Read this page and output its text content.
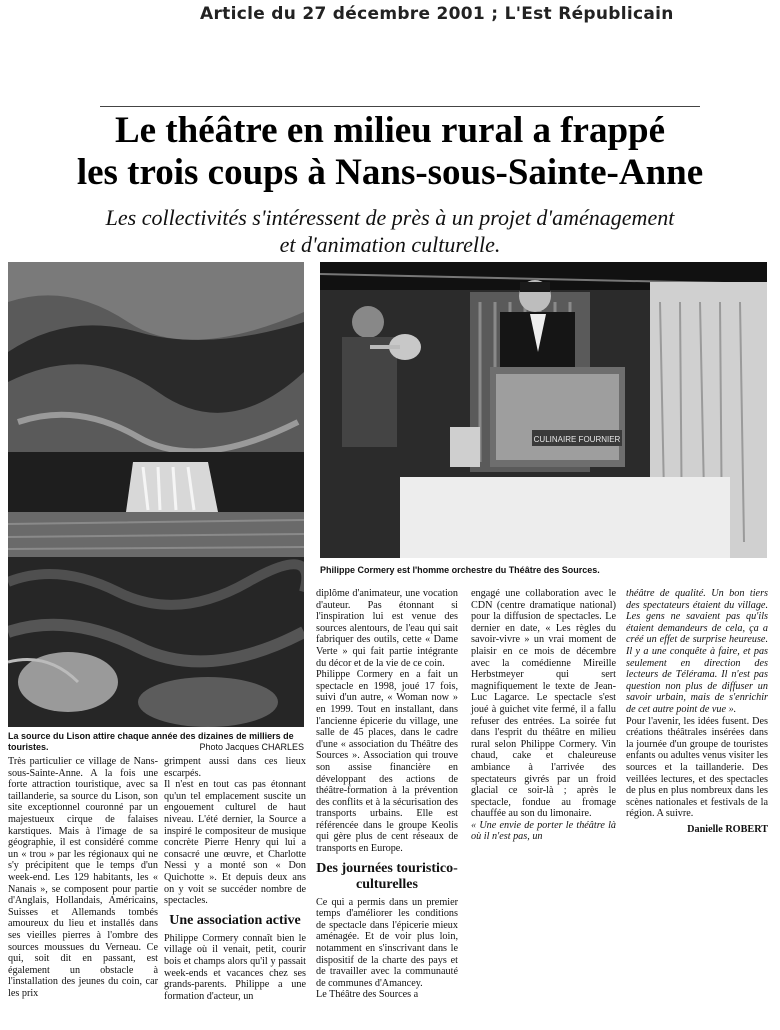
Article du 27 décembre 2001 ; L'Est Républicain
Le théâtre en milieu rural a frappé
les trois coups à Nans-sous-Sainte-Anne
Les collectivités s'intéressent de près à un projet d'aménagement
et d'animation culturelle.
CULINAIRE FOURNIER
Philippe Cormery est l'homme orchestre du Théâtre des Sources.
La source du Lison attire chaque année des dizaines de milliers de touristes.	Photo Jacques CHARLES

Très particulier ce village de Nans-sous-Sainte-Anne. A la fois une forte attraction touristique, avec sa taillanderie, sa source du Lison, son site exceptionnel couronné par un majestueux cirque de falaises karstiques. Mais à l'image de sa géographie, il est considéré comme un « trou » par les régionaux qui ne s'y précipitent que le temps d'un week-end. Les 129 habitants, les « Nanais », se composent pour partie d'Anglais, Hollandais, Américains, Suisses et Allemands tombés amoureux du lieu et installés dans ses vieilles pierres à l'ombre des sources moussues du Verneau. Ce qui, soit dit en passant, est également un obstacle à l'installation des jeunes du coin, car les prix

grimpent aussi dans ces lieux escarpés.

Il n'est en tout cas pas étonnant qu'un tel emplacement suscite un engouement culturel de haut niveau. L'été dernier, la Source a inspiré le compositeur de musique concrète Pierre Henry qui lui a consacré une œuvre, et Charlotte Nessi y a monté son « Don Quichotte ». Et depuis deux ans on y voit se succéder nombre de spectacles.

Une association active

Philippe Cormery connaît bien le village où il venait, petit, courir bois et champs alors qu'il y passait week-ends et vacances chez ses grands-parents. Philippe a une formation d'acteur, un

diplôme d'animateur, une vocation d'auteur. Pas étonnant si l'inspiration lui est venue des sources alentours, de l'eau qui sait fabriquer des outils, cette « Dame Verte » qui fait partie intégrante du décor et de la vie de ce coin.

Philippe Cormery en a fait un spectacle en 1998, joué 17 fois, suivi d'un autre, « Woman now » en 1999. Tout en installant, dans l'ancienne épicerie du village, une salle de 45 places, dans le cadre d'une « association du Théâtre des Sources ». Association qui trouve son assise financière en développant des actions de théâtre-formation à la prévention des conflits et à la sécurisation des transports urbains. Elle est référencée dans le groupe Keolis qui gère plus de cent réseaux de transports en Europe.

Des journées touristico-culturelles

Ce qui a permis dans un premier temps d'améliorer les conditions de spectacle dans l'épicerie mieux aménagée. Et de voir plus loin, notamment en s'inscrivant dans le dispositif de la charte des pays et de travailler avec la communauté de communes d'Amancey.

Le Théâtre des Sources a

engagé une collaboration avec le CDN (centre dramatique national) pour la diffusion de spectacles. Le dernier en date, « Les règles du savoir-vivre » un vrai moment de plaisir en ce mois de décembre avec la comédienne Mireille Herbstmeyer qui sert magnifiquement le texte de Jean-Luc Lagarce. Le spectacle s'est joué à guichet vite fermé, il a fallu refuser des entrées. La soirée fut dans l'esprit du théâtre en milieu rural selon Philippe Cormery. Vin chaud, cake et chaleureuse ambiance à l'arrivée des spectateurs givrés par un froid glacial ce soir-là ; après le spectacle, fondue au fromage chauffée au son du limonaire.

« Une envie de porter le théâtre là où il n'est pas, un

théâtre de qualité. Un bon tiers des spectateurs étaient du village. Les gens ne savaient pas qu'ils étaient demandeurs de cela, ça a créé un effet de surprise heureuse. Il y a une conquête à faire, et pas seulement en direction des lecteurs de Télérama. Il n'est pas question non plus de diffuser un savoir urbain, mais de s'enrichir de cet autre point de vue ».

Pour l'avenir, les idées fusent. Des créations théâtrales insérées dans la journée d'un groupe de touristes enfants ou adultes venus visiter les sources et la taillanderie. Des veillées lectures, et des spectacles de plus en plus nombreux dans les scènes nationales et festivals de la région. A suivre.

Danielle ROBERT
